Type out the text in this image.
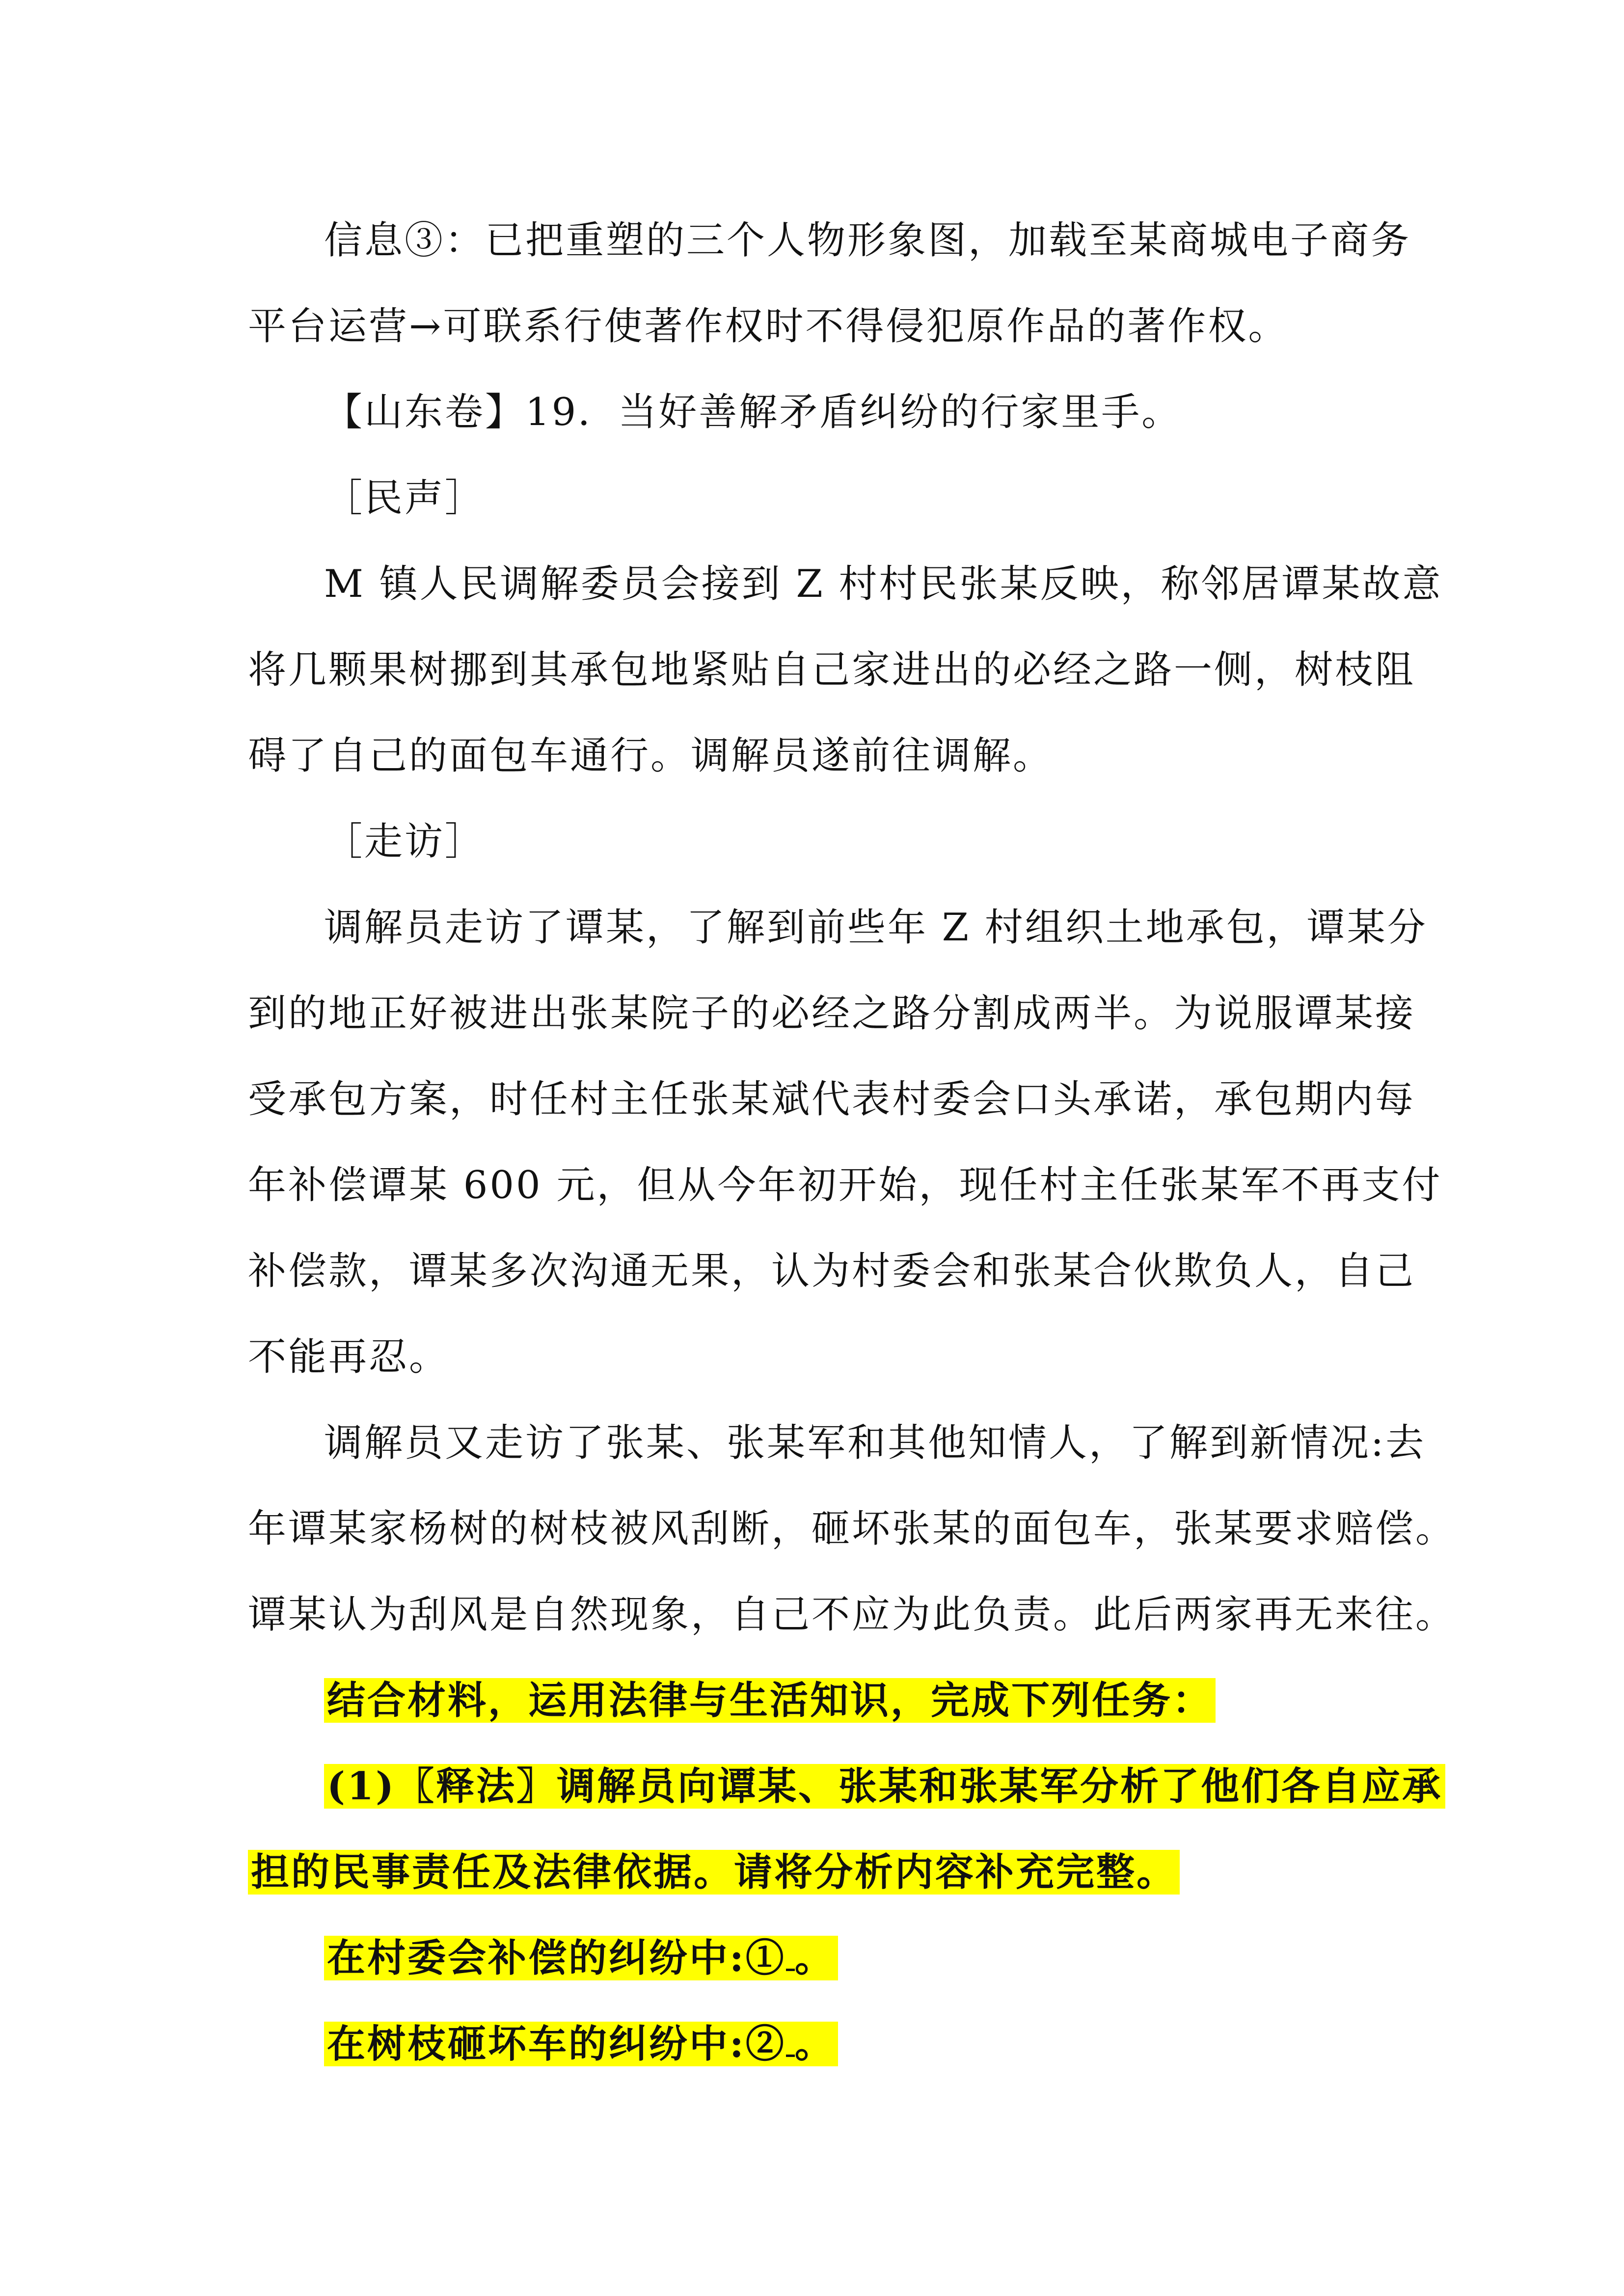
信息③：已把重塑的三个人物形象图，加载至某商城电子商务
平台运营→可联系行使著作权时不得侵犯原作品的著作权。
【山东卷】19．当好善解矛盾纠纷的行家里手。
［民声］
M 镇人民调解委员会接到 Z 村村民张某反映，称邻居谭某故意
将几颗果树挪到其承包地紧贴自己家进出的必经之路一侧，树枝阻
碍了自己的面包车通行。调解员遂前往调解。
［走访］
调解员走访了谭某，了解到前些年 Z 村组织土地承包，谭某分
到的地正好被进出张某院子的必经之路分割成两半。为说服谭某接
受承包方案，时任村主任张某斌代表村委会口头承诺，承包期内每
年补偿谭某 600 元，但从今年初开始，现任村主任张某军不再支付
补偿款，谭某多次沟通无果，认为村委会和张某合伙欺负人，自己
不能再忍。
调解员又走访了张某、张某军和其他知情人，了解到新情况:去
年谭某家杨树的树枝被风刮断，砸坏张某的面包车，张某要求赔偿。
谭某认为刮风是自然现象，自己不应为此负责。此后两家再无来往。
结合材料，运用法律与生活知识，完成下列任务：
(1)〖释法〗调解员向谭某、张某和张某军分析了他们各自应承
担的民事责任及法律依据。请将分析内容补充完整。
在村委会补偿的纠纷中:① 。
在树枝砸坏车的纠纷中:② 。
